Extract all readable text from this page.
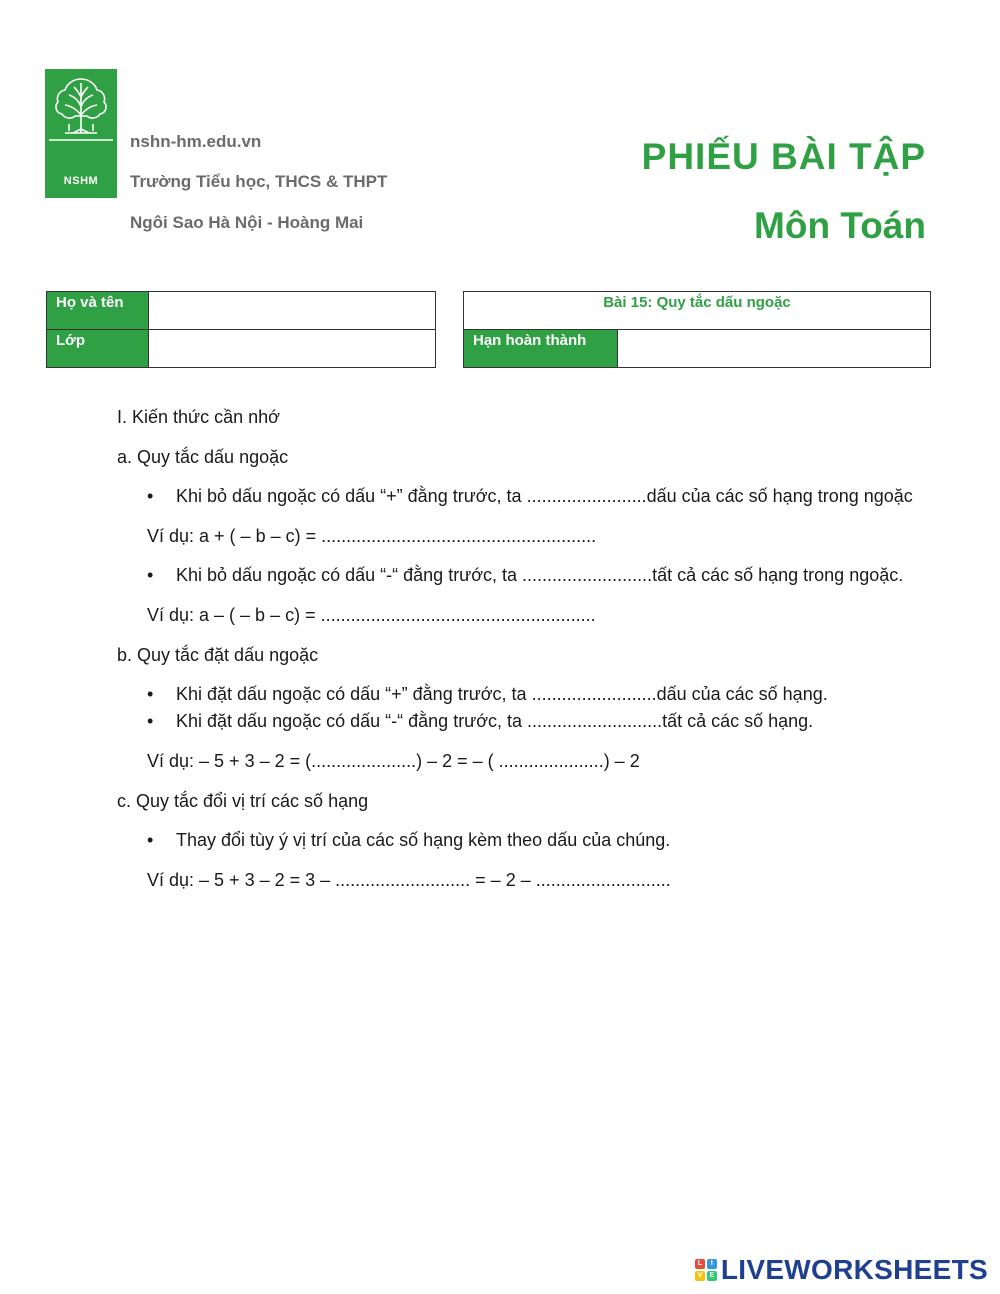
NSHM
nshn-hm.edu.vn
Trường Tiểu học, THCS & THPT
Ngôi Sao Hà Nội - Hoàng Mai
PHIẾU BÀI TẬP
Môn Toán
Họ và tên	
Lớp	
Bài 15: Quy tắc dấu ngoặc
Hạn hoàn thành	

I. Kiến thức cần nhớ

a. Quy tắc dấu ngoặc

• Khi bỏ dấu ngoặc có dấu “+” đằng trước, ta ........................dấu của các số hạng trong ngoặc

Ví dụ: a + ( – b – c) = .......................................................

• Khi bỏ dấu ngoặc có dấu “-“ đằng trước, ta ..........................tất cả các số hạng trong ngoặc.

Ví dụ: a – ( – b – c) = .......................................................

b. Quy tắc đặt dấu ngoặc

• Khi đặt dấu ngoặc có dấu “+” đằng trước, ta .........................dấu của các số hạng.
• Khi đặt dấu ngoặc có dấu “-“ đằng trước, ta ...........................tất cả các số hạng.

Ví dụ: – 5 + 3 – 2 = (.....................) – 2 = – ( .....................) – 2

c. Quy tắc đổi vị trí các số hạng

• Thay đổi tùy ý vị trí của các số hạng kèm theo dấu của chúng.

Ví dụ: – 5 + 3 – 2 = 3 – ........................... = – 2 – ...........................

L	I
V	E LIVEWORKSHEETS
